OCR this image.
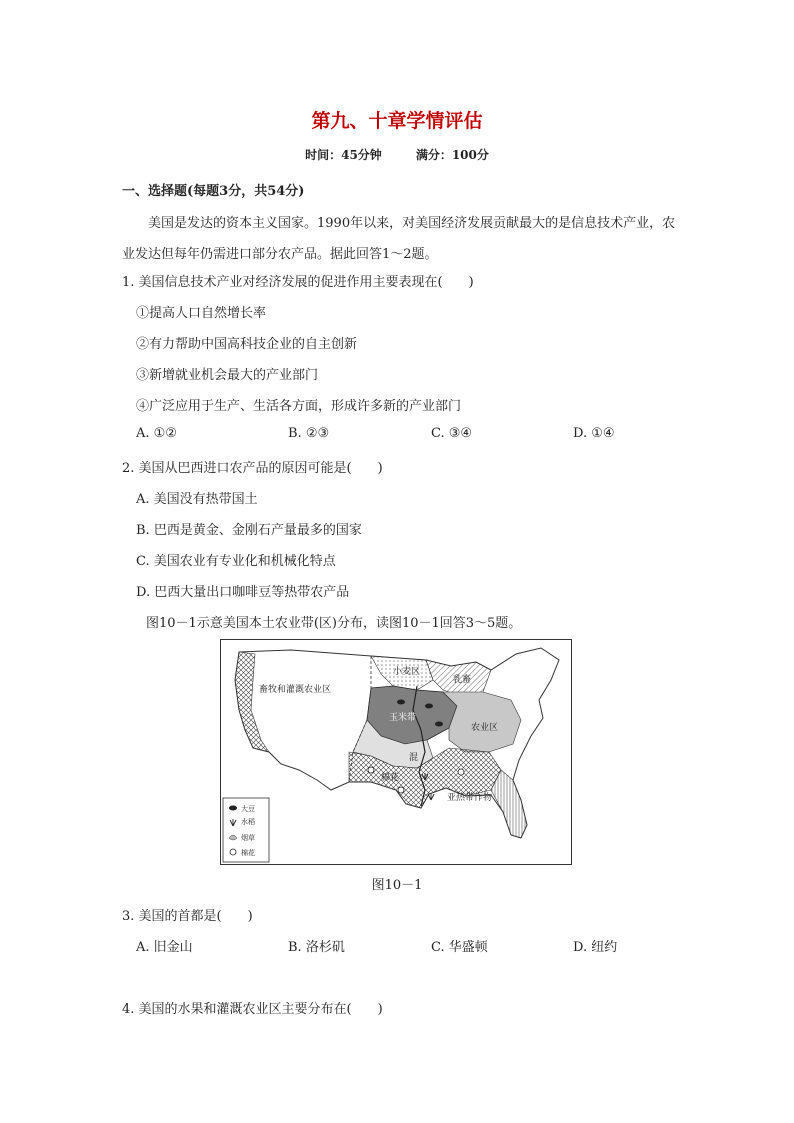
第九、十章学情评估
时间：45分钟	满分：100分
一、选择题(每题3分，共54分)
美国是发达的资本主义国家。1990年以来，对美国经济发展贡献最大的是信息技术产业，农业发达但每年仍需进口部分农产品。据此回答1～2题。
1. 美国信息技术产业对经济发展的促进作用主要表现在(　　)
①提高人口自然增长率
②有力帮助中国高科技企业的自主创新
③新增就业机会最大的产业部门
④广泛应用于生产、生活各方面，形成许多新的产业部门
A. ①②	B. ②③	C. ③④	D. ①④
2. 美国从巴西进口农产品的原因可能是(　　)
A. 美国没有热带国土
B. 巴西是黄金、金刚石产量最多的国家
C. 美国农业有专业化和机械化特点
D. 巴西大量出口咖啡豆等热带农产品
图10－1示意美国本土农业带(区)分布，读图10－1回答3～5题。
畜牧和灌溉农业区
小麦区
乳畜
玉米带
农业区
混
棉花
亚热带作物
大豆
水稻
烟草
棉花
图10－1
3. 美国的首都是(　　)
A. 旧金山	B. 洛杉矶	C. 华盛顿	D. 纽约
4. 美国的水果和灌溉农业区主要分布在(　　)
